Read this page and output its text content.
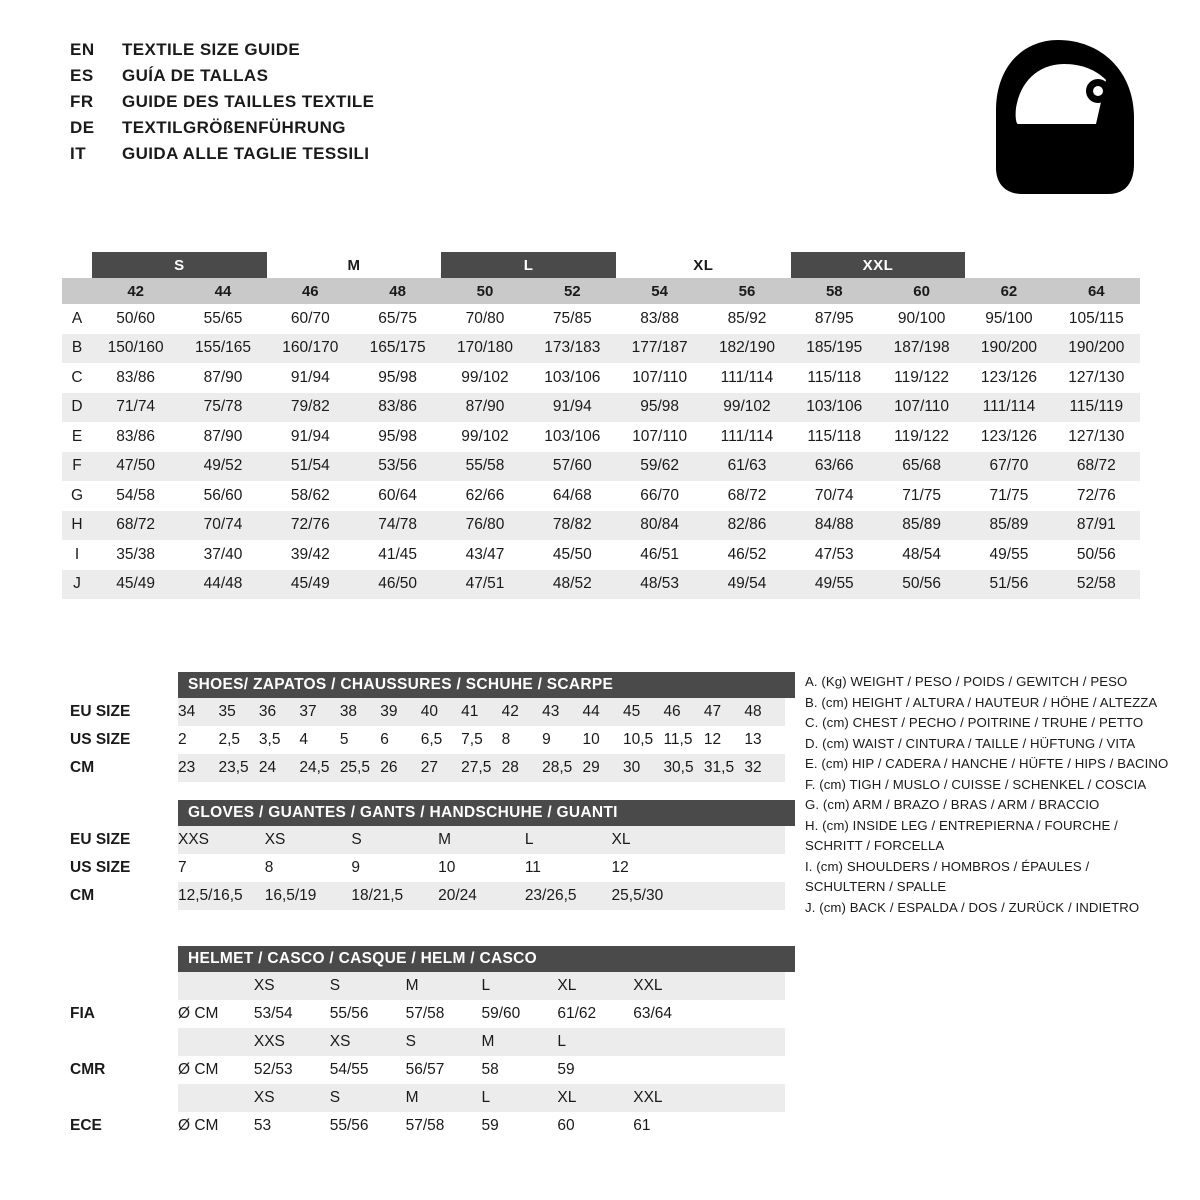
EN	TEXTILE SIZE GUIDE
ES	GUÍA DE TALLAS
FR	GUIDE DES TAILLES TEXTILE
DE	TEXTILGRÖßENFÜHRUNG
IT	GUIDA ALLE TAGLIE TESSILI
	S		M		L		XL		XXL			
	42	44	46	48	50	52	54	56	58	60	62	64
A	50/60	55/65	60/70	65/75	70/80	75/85	83/88	85/92	87/95	90/100	95/100	105/115
B	150/160	155/165	160/170	165/175	170/180	173/183	177/187	182/190	185/195	187/198	190/200	190/200
C	83/86	87/90	91/94	95/98	99/102	103/106	107/110	111/114	115/118	119/122	123/126	127/130
D	71/74	75/78	79/82	83/86	87/90	91/94	95/98	99/102	103/106	107/110	111/114	115/119
E	83/86	87/90	91/94	95/98	99/102	103/106	107/110	111/114	115/118	119/122	123/126	127/130
F	47/50	49/52	51/54	53/56	55/58	57/60	59/62	61/63	63/66	65/68	67/70	68/72
G	54/58	56/60	58/62	60/64	62/66	64/68	66/70	68/72	70/74	71/75	71/75	72/76
H	68/72	70/74	72/76	74/78	76/80	78/82	80/84	82/86	84/88	85/89	85/89	87/91
I	35/38	37/40	39/42	41/45	43/47	45/50	46/51	46/52	47/53	48/54	49/55	50/56
J	45/49	44/48	45/49	46/50	47/51	48/52	48/53	49/54	49/55	50/56	51/56	52/58
SHOES/ ZAPATOS / CHAUSSURES / SCHUHE / SCARPE
EU SIZE	34	35	36	37	38	39	40	41	42	43	44	45	46	47	48
US SIZE	2	2,5	3,5	4	5	6	6,5	7,5	8	9	10	10,5	11,5	12	13
CM	23	23,5	24	24,5	25,5	26	27	27,5	28	28,5	29	30	30,5	31,5	32
GLOVES / GUANTES / GANTS / HANDSCHUHE / GUANTI
EU SIZE	XXS	XS	S	M	L	XL	
US SIZE	7	8	9	10	11	12	
CM	12,5/16,5	16,5/19	18/21,5	20/24	23/26,5	25,5/30	
HELMET / CASCO / CASQUE / HELM / CASCO
		XS	S	M	L	XL	XXL	
FIA	Ø CM	53/54	55/56	57/58	59/60	61/62	63/64	
		XXS	XS	S	M	L		
CMR	Ø CM	52/53	54/55	56/57	58	59		
		XS	S	M	L	XL	XXL	
ECE	Ø CM	53	55/56	57/58	59	60	61	
A. (Kg) WEIGHT / PESO / POIDS / GEWITCH / PESO
B. (cm) HEIGHT / ALTURA / HAUTEUR / HÖHE / ALTEZZA
C. (cm) CHEST / PECHO / POITRINE / TRUHE / PETTO
D. (cm) WAIST / CINTURA / TAILLE / HÜFTUNG / VITA
E. (cm) HIP / CADERA / HANCHE / HÜFTE / HIPS / BACINO
F. (cm) TIGH / MUSLO / CUISSE / SCHENKEL / COSCIA
G. (cm) ARM / BRAZO / BRAS / ARM / BRACCIO
H. (cm) INSIDE LEG / ENTREPIERNA / FOURCHE /
SCHRITT / FORCELLA
I. (cm) SHOULDERS / HOMBROS / ÉPAULES /
SCHULTERN / SPALLE
J. (cm) BACK / ESPALDA / DOS / ZURÜCK / INDIETRO
